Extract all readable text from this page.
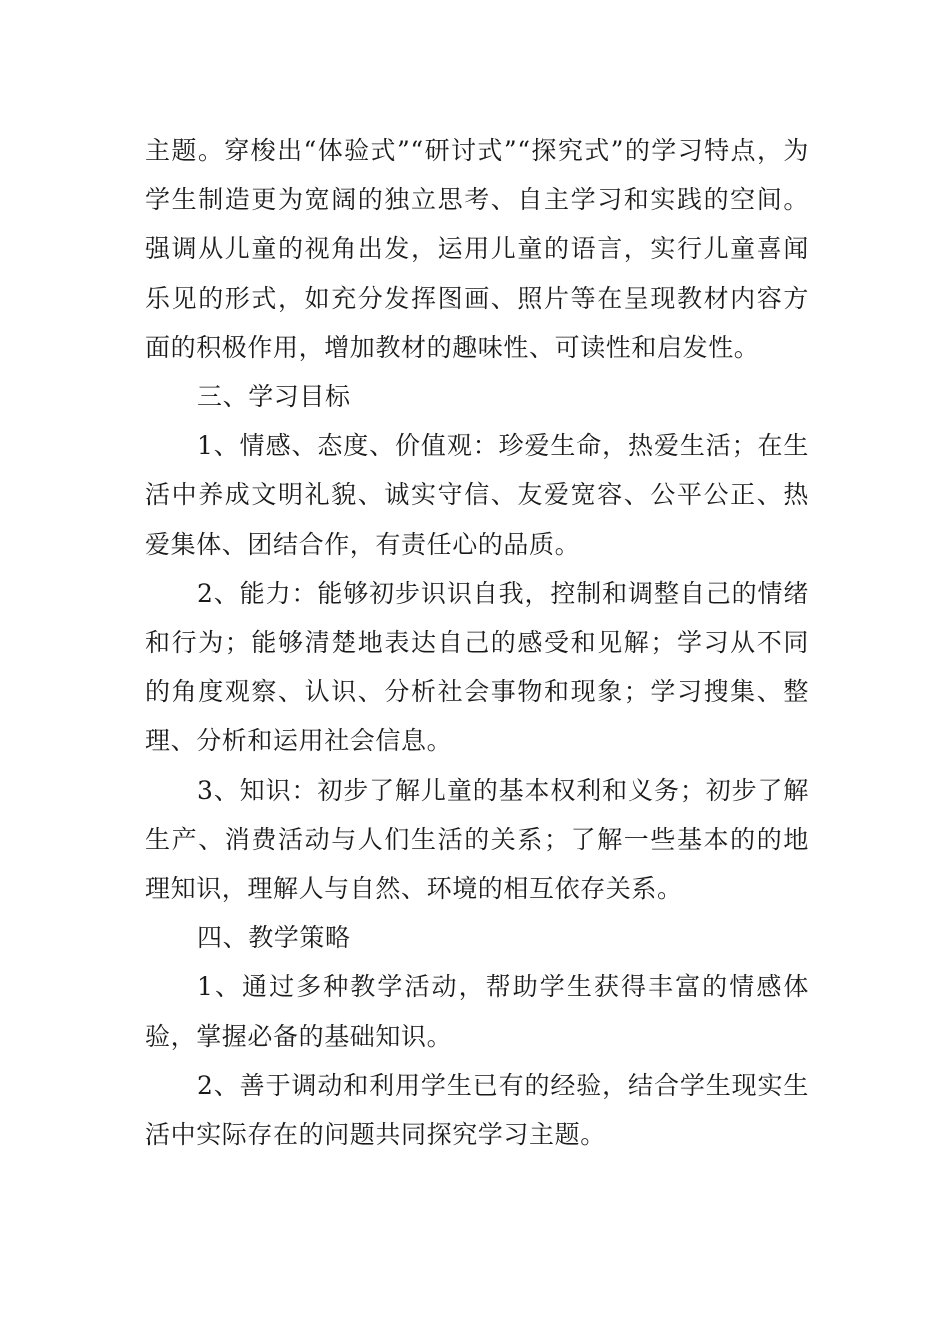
主题。穿梭出“体验式”“研讨式”“探究式”的学习特点，为学生制造更为宽阔的独立思考、自主学习和实践的空间。强调从儿童的视角出发，运用儿童的语言，实行儿童喜闻乐见的形式，如充分发挥图画、照片等在呈现教材内容方面的积极作用，增加教材的趣味性、可读性和启发性。

三、学习目标

1、情感、态度、价值观：珍爱生命，热爱生活；在生活中养成文明礼貌、诚实守信、友爱宽容、公平公正、热爱集体、团结合作，有责任心的品质。

2、能力：能够初步识识自我，控制和调整自己的情绪和行为；能够清楚地表达自己的感受和见解；学习从不同的角度观察、认识、分析社会事物和现象；学习搜集、整理、分析和运用社会信息。

3、知识：初步了解儿童的基本权利和义务；初步了解生产、消费活动与人们生活的关系；了解一些基本的的地理知识，理解人与自然、环境的相互依存关系。

四、教学策略

1、通过多种教学活动，帮助学生获得丰富的情感体验，掌握必备的基础知识。

2、善于调动和利用学生已有的经验，结合学生现实生活中实际存在的问题共同探究学习主题。
